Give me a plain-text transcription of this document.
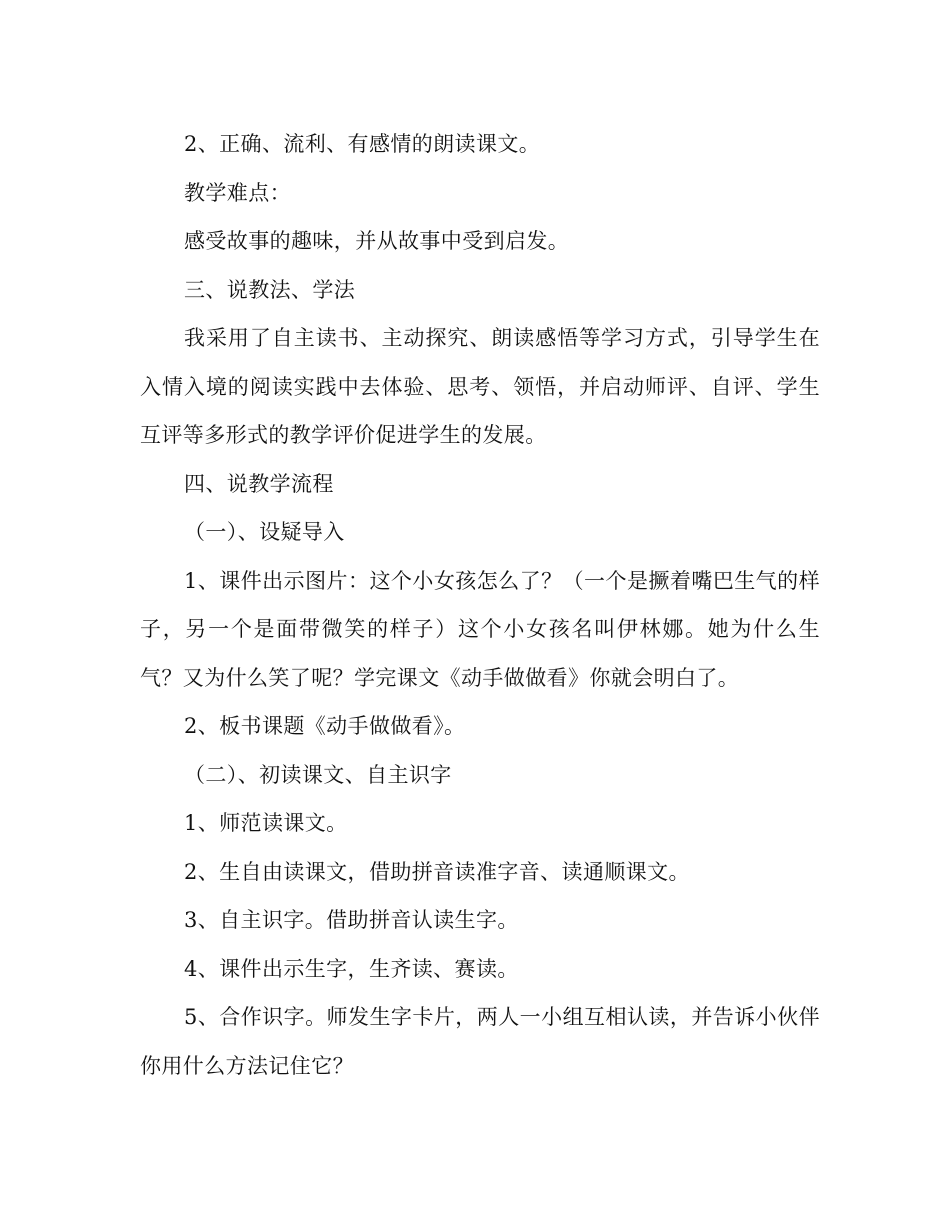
2、正确、流利、有感情的朗读课文。

教学难点：

感受故事的趣味，并从故事中受到启发。

三、说教法、学法

我采用了自主读书、主动探究、朗读感悟等学习方式，引导学生在入情入境的阅读实践中去体验、思考、领悟，并启动师评、自评、学生互评等多形式的教学评价促进学生的发展。

四、说教学流程

（一）、设疑导入

1、课件出示图片：这个小女孩怎么了？（一个是撅着嘴巴生气的样子，另一个是面带微笑的样子）这个小女孩名叫伊林娜。她为什么生气？又为什么笑了呢？学完课文《动手做做看》你就会明白了。

2、板书课题《动手做做看》。

（二）、初读课文、自主识字

1、师范读课文。

2、生自由读课文，借助拼音读准字音、读通顺课文。

3、自主识字。借助拼音认读生字。

4、课件出示生字，生齐读、赛读。

5、合作识字。师发生字卡片，两人一小组互相认读，并告诉小伙伴你用什么方法记住它？
